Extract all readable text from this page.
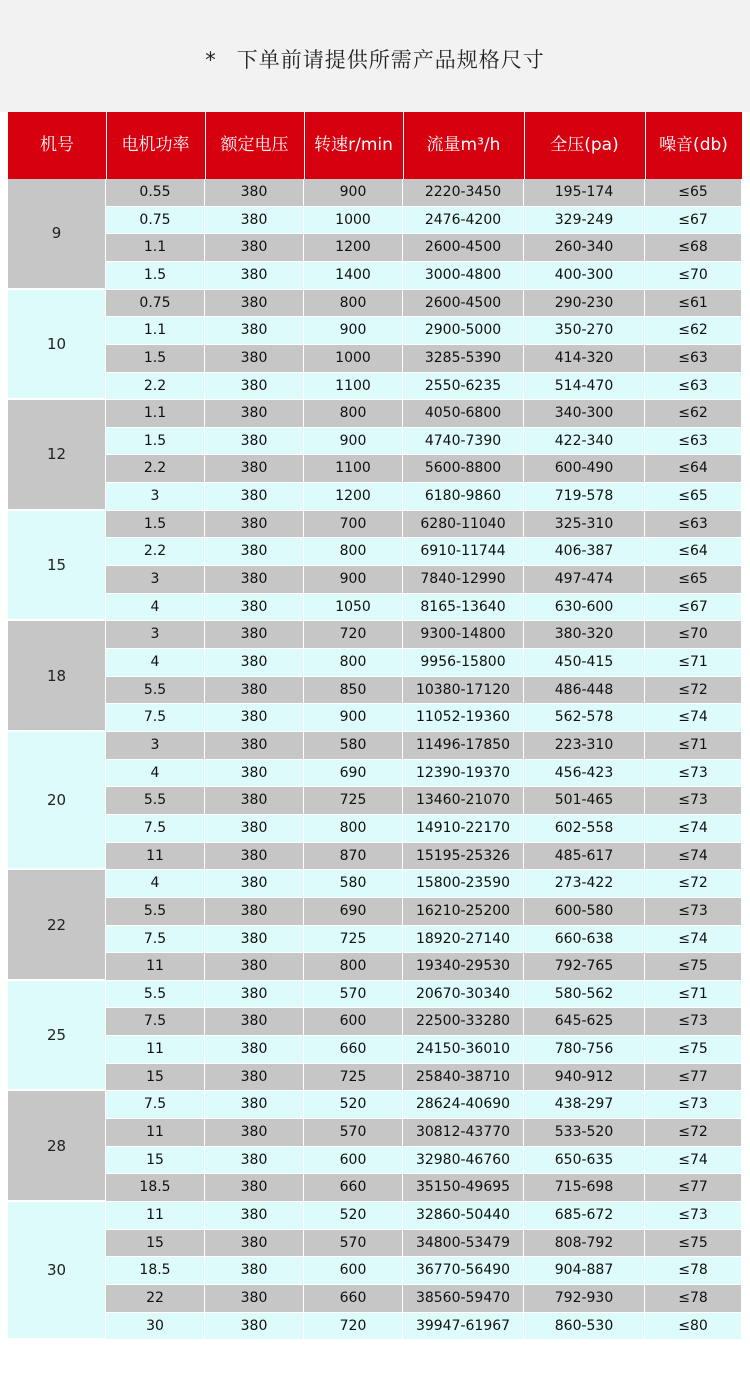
* 下单前请提供所需产品规格尺寸
机号	电机功率	额定电压	转速r/min	流量m³/h	全压(pa)	噪音(db)
9
0.55	380	900	2220-3450	195-174	≤65
0.75	380	1000	2476-4200	329-249	≤67
1.1	380	1200	2600-4500	260-340	≤68
1.5	380	1400	3000-4800	400-300	≤70
10
0.75	380	800	2600-4500	290-230	≤61
1.1	380	900	2900-5000	350-270	≤62
1.5	380	1000	3285-5390	414-320	≤63
2.2	380	1100	2550-6235	514-470	≤63
12
1.1	380	800	4050-6800	340-300	≤62
1.5	380	900	4740-7390	422-340	≤63
2.2	380	1100	5600-8800	600-490	≤64
3	380	1200	6180-9860	719-578	≤65
15
1.5	380	700	6280-11040	325-310	≤63
2.2	380	800	6910-11744	406-387	≤64
3	380	900	7840-12990	497-474	≤65
4	380	1050	8165-13640	630-600	≤67
18
3	380	720	9300-14800	380-320	≤70
4	380	800	9956-15800	450-415	≤71
5.5	380	850	10380-17120	486-448	≤72
7.5	380	900	11052-19360	562-578	≤74
20
3	380	580	11496-17850	223-310	≤71
4	380	690	12390-19370	456-423	≤73
5.5	380	725	13460-21070	501-465	≤73
7.5	380	800	14910-22170	602-558	≤74
11	380	870	15195-25326	485-617	≤74
22
4	380	580	15800-23590	273-422	≤72
5.5	380	690	16210-25200	600-580	≤73
7.5	380	725	18920-27140	660-638	≤74
11	380	800	19340-29530	792-765	≤75
25
5.5	380	570	20670-30340	580-562	≤71
7.5	380	600	22500-33280	645-625	≤73
11	380	660	24150-36010	780-756	≤75
15	380	725	25840-38710	940-912	≤77
28
7.5	380	520	28624-40690	438-297	≤73
11	380	570	30812-43770	533-520	≤72
15	380	600	32980-46760	650-635	≤74
18.5	380	660	35150-49695	715-698	≤77
30
11	380	520	32860-50440	685-672	≤73
15	380	570	34800-53479	808-792	≤75
18.5	380	600	36770-56490	904-887	≤78
22	380	660	38560-59470	792-930	≤78
30	380	720	39947-61967	860-530	≤80
